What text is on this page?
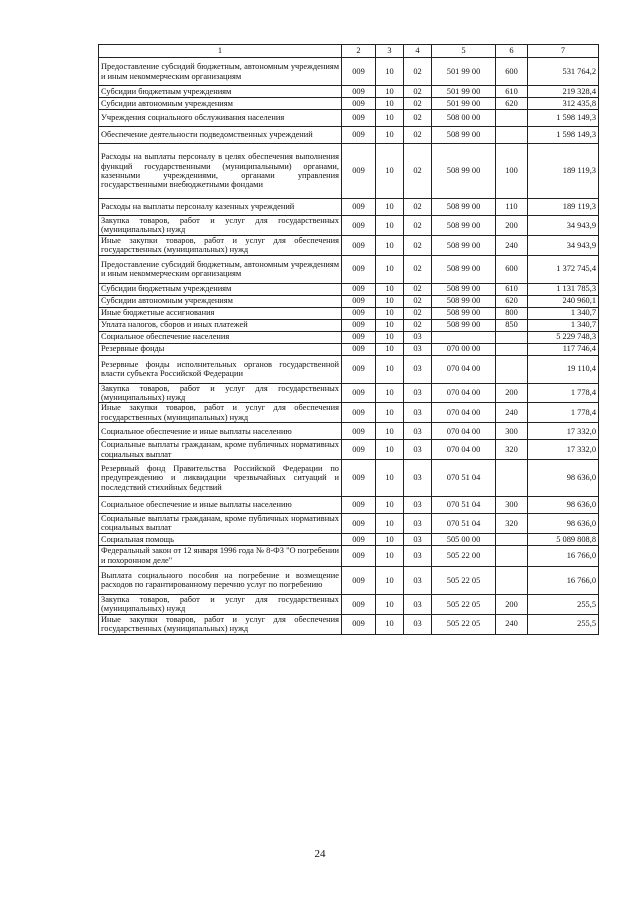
1	2	3	4	5	6	7
Предоставление субсидий бюджетным, автономным учреждениям и иным некоммерческим организациям	009	10	02	501 99 00	600	531 764,2
Субсидии бюджетным учреждениям	009	10	02	501 99 00	610	219 328,4
Субсидии автономным учреждениям	009	10	02	501 99 00	620	312 435,8
Учреждения социального обслуживания населения	009	10	02	508 00 00		1 598 149,3
Обеспечение деятельности подведомственных учреждений	009	10	02	508 99 00		1 598 149,3
Расходы на выплаты персоналу в целях обеспечения выполнения функций государственными (муниципальными) органами, казенными учреждениями, органами управления государственными внебюджетными фондами	009	10	02	508 99 00	100	189 119,3
Расходы на выплаты персоналу казенных учреждений	009	10	02	508 99 00	110	189 119,3
Закупка товаров, работ и услуг для государственных (муниципальных) нужд	009	10	02	508 99 00	200	34 943,9
Иные закупки товаров, работ и услуг для обеспечения государственных (муниципальных) нужд	009	10	02	508 99 00	240	34 943,9
Предоставление субсидий бюджетным, автономным учреждениям и иным некоммерческим организациям	009	10	02	508 99 00	600	1 372 745,4
Субсидии бюджетным учреждениям	009	10	02	508 99 00	610	1 131 785,3
Субсидии автономным учреждениям	009	10	02	508 99 00	620	240 960,1
Иные бюджетные ассигнования	009	10	02	508 99 00	800	1 340,7
Уплата налогов, сборов и иных платежей	009	10	02	508 99 00	850	1 340,7
Социальное обеспечение населения	009	10	03			5 229 748,3
Резервные фонды	009	10	03	070 00 00		117 746,4
Резервные фонды исполнительных органов государственной власти субъекта Российской Федерации	009	10	03	070 04 00		19 110,4
Закупка товаров, работ и услуг для государственных (муниципальных) нужд	009	10	03	070 04 00	200	1 778,4
Иные закупки товаров, работ и услуг для обеспечения государственных (муниципальных) нужд	009	10	03	070 04 00	240	1 778,4
Социальное обеспечение и иные выплаты населению	009	10	03	070 04 00	300	17 332,0
Социальные выплаты гражданам, кроме публичных нормативных социальных выплат	009	10	03	070 04 00	320	17 332,0
Резервный фонд Правительства Российской Федерации по предупреждению и ликвидации чрезвычайных ситуаций и последствий стихийных бедствий	009	10	03	070 51 04		98 636,0
Социальное обеспечение и иные выплаты населению	009	10	03	070 51 04	300	98 636,0
Социальные выплаты гражданам, кроме публичных нормативных социальных выплат	009	10	03	070 51 04	320	98 636,0
Социальная помощь	009	10	03	505 00 00		5 089 808,8
Федеральный закон от 12 января 1996 года № 8-ФЗ "О погребении и похоронном деле"	009	10	03	505 22 00		16 766,0
Выплата социального пособия на погребение и возмещение расходов по гарантированному перечню услуг по погребению	009	10	03	505 22 05		16 766,0
Закупка товаров, работ и услуг для государственных (муниципальных) нужд	009	10	03	505 22 05	200	255,5
Иные закупки товаров, работ и услуг для обеспечения государственных (муниципальных) нужд	009	10	03	505 22 05	240	255,5
24
